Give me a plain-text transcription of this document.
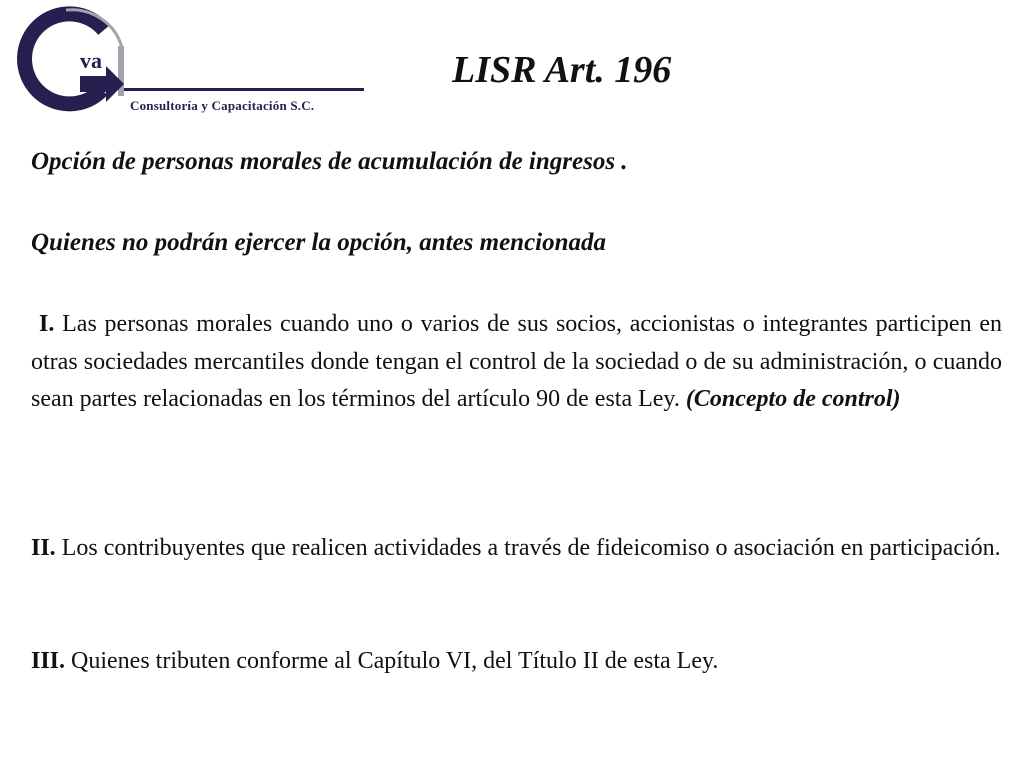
va
Consultoría y Capacitación S.C.
LISR Art. 196
Opción de personas morales de acumulación de ingresos .
Quienes no podrán ejercer la opción, antes mencionada

I. Las personas morales cuando uno o varios de sus socios, accionistas o integrantes participen en otras sociedades mercantiles donde tengan el control de la sociedad o de su administración, o cuando sean partes relacionadas en los términos del artículo 90 de esta Ley. (Concepto de control)

II. Los contribuyentes que realicen actividades a través de fideicomiso o asociación en participación.

III. Quienes tributen conforme al Capítulo VI, del Título II de esta Ley.
